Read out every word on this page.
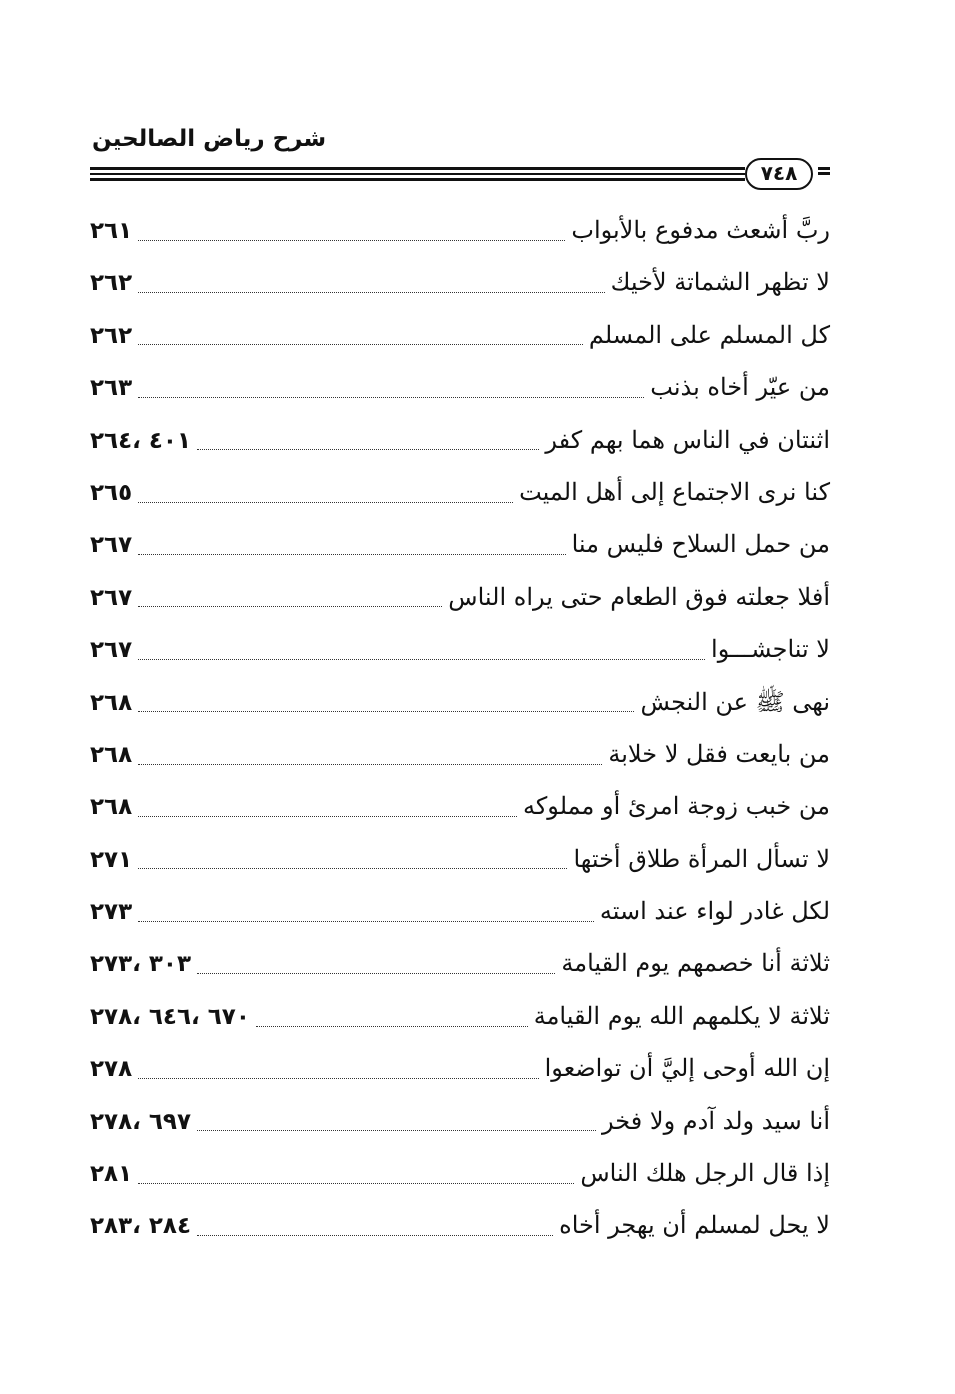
شرح رياض الصالحين
٧٤٨
ربَّ أشعث مدفوع بالأبواب
٢٦١
لا تظهر الشماتة لأخيك
٢٦٢
كل المسلم على المسلم
٢٦٢
من عيّر أخاه بذنب
٢٦٣
اثنتان في الناس هما بهم كفر
٤٠١ ،٢٦٤
كنا نرى الاجتماع إلى أهل الميت
٢٦٥
من حمل السلاح فليس منا
٢٦٧
أفلا جعلته فوق الطعام حتى يراه الناس
٢٦٧
لا تناجشـــوا
٢٦٧
نهى ﷺ عن النجش
٢٦٨
من بايعت فقل لا خلابة
٢٦٨
من خبب زوجة امرئ أو مملوكه
٢٦٨
لا تسأل المرأة طلاق أختها
٢٧١
لكل غادر لواء عند استه
٢٧٣
ثلاثة أنا خصمهم يوم القيامة
٣٠٣ ،٢٧٣
ثلاثة لا يكلمهم الله يوم القيامة
٦٧٠ ،٦٤٦ ،٢٧٨
إن الله أوحى إليَّ أن تواضعوا
٢٧٨
أنا سيد ولد آدم ولا فخر
٦٩٧ ،٢٧٨
إذا قال الرجل هلك الناس
٢٨١
لا يحل لمسلم أن يهجر أخاه
٢٨٤ ،٢٨٣
